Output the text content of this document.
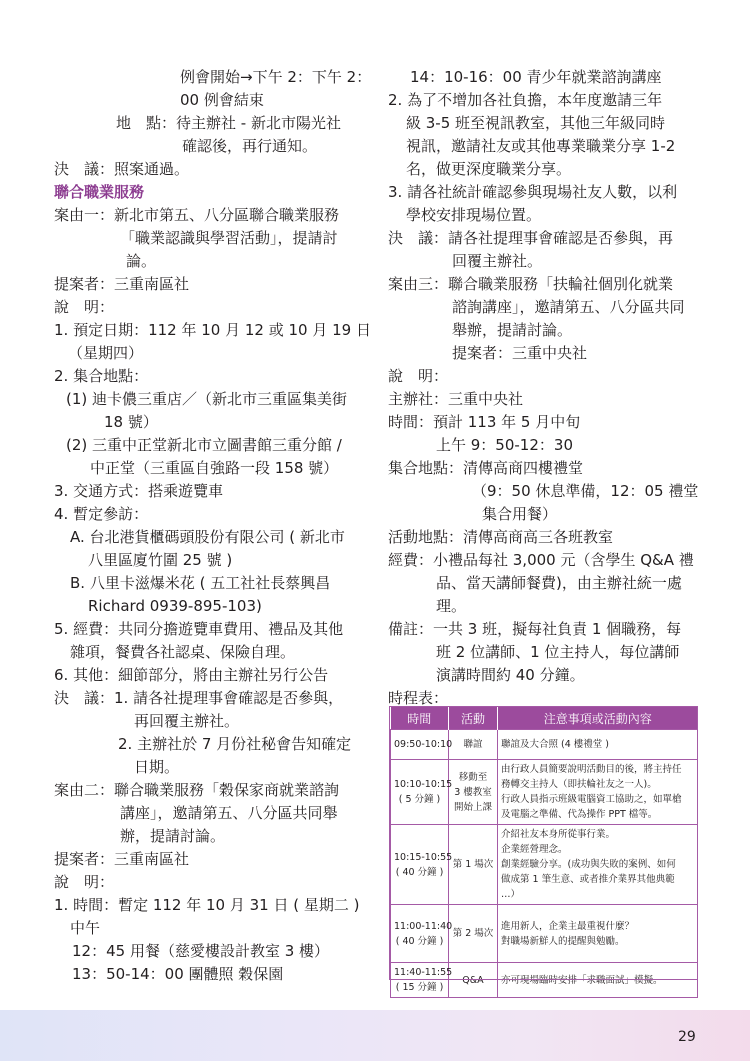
例會開始→下午 2：下午 2：
00 例會結束
地　點：待主辦社 - 新北市陽光社
確認後，再行通知。
決　議：照案通過。
聯合職業服務
案由一：新北市第五、八分區聯合職業服務
「職業認識與學習活動」，提請討
論。
提案者：三重南區社
說　明：
1. 預定日期：112 年 10 月 12 或 10 月 19 日
（星期四）
2. 集合地點：
(1) 迪卡儂三重店／（新北市三重區集美街
18 號）
(2) 三重中正堂新北市立圖書館三重分館 /
中正堂（三重區自強路一段 158 號）
3. 交通方式：搭乘遊覽車
4. 暫定參訪：
A. 台北港貨櫃碼頭股份有限公司 ( 新北市
八里區廈竹圍 25 號 )
B. 八里卡滋爆米花 ( 五工社社長蔡興昌
Richard 0939-895-103)
5. 經費：共同分擔遊覽車費用、禮品及其他
雜項，餐費各社認桌、保險自理。
6. 其他：細節部分，將由主辦社另行公告
決　議：1. 請各社提理事會確認是否參與，
再回覆主辦社。
2. 主辦社於 7 月份社秘會告知確定
日期。
案由二：聯合職業服務「穀保家商就業諮詢
講座」，邀請第五、八分區共同舉
辦，提請討論。
提案者：三重南區社
說　明：
1. 時間：暫定 112 年 10 月 31 日 ( 星期二 )
中午
12：45 用餐（慈愛樓設計教室 3 樓）
13：50-14：00 團體照 穀保園
14：10-16：00 青少年就業諮詢講座
2. 為了不增加各社負擔，本年度邀請三年
級 3-5 班至視訊教室，其他三年級同時
視訊，邀請社友或其他專業職業分享 1-2
名，做更深度職業分享。
3. 請各社統計確認參與現場社友人數，以利
學校安排現場位置。
決　議：請各社提理事會確認是否參與，再
回覆主辦社。
案由三：聯合職業服務「扶輪社個別化就業
諮詢講座」，邀請第五、八分區共同
舉辦，提請討論。
提案者：三重中央社
說　明：
主辦社：三重中央社
時間：預計 113 年 5 月中旬
上午 9：50-12：30
集合地點：清傳高商四樓禮堂
（9：50 休息準備，12：05 禮堂
集合用餐）
活動地點：清傳高商高三各班教室
經費：小禮品每社 3,000 元（含學生 Q&A 禮
品、當天講師餐費)，由主辦社統一處
理。
備註：一共 3 班，擬每社負責 1 個職務，每
班 2 位講師、1 位主持人，每位講師
演講時間約 40 分鐘。
時程表：
時間	活動	注意事項或活動內容

09:50-10:10	聯誼	聯誼及大合照 (4 樓禮堂 )

10:10-10:15
( 5 分鐘 )	移動至
3 樓教室
開始上課	由行政人員簡要說明活動目的後，將主持任
務轉交主持人（即扶輪社友之一人)。
行政人員指示班級電腦資工協助之，如單槍
及電腦之準備、代為操作 PPT 檔等。

10:15-10:55
( 40 分鐘 )	第 1 場次	介紹社友本身所從事行業。
企業經營理念。
創業經驗分享。(成功與失敗的案例、如何
做成第 1 筆生意、或者推介業界其他典範
…）

11:00-11:40
( 40 分鐘 )	第 2 場次	進用新人，企業主最重視什麼？
對職場新鮮人的提醒與勉勵。

11:40-11:55
( 15 分鐘 )	Q&A	亦可現場臨時安排「求職面試」模擬。
29
